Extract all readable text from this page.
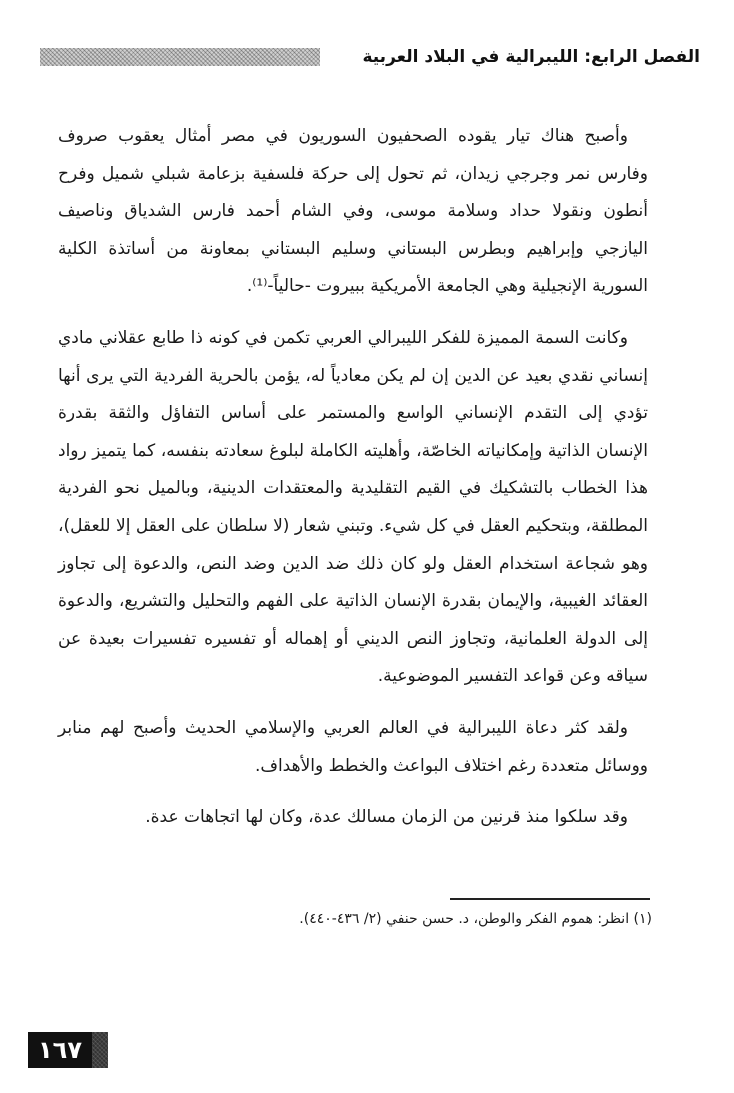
الفصل الرابع: الليبرالية في البلاد العربية

وأصبح هناك تيار يقوده الصحفيون السوريون في مصر أمثال يعقوب صروف وفارس نمر وجرجي زيدان، ثم تحول إلى حركة فلسفية بزعامة شبلي شميل وفرح أنطون ونقولا حداد وسلامة موسى، وفي الشام أحمد فارس الشدياق وناصيف اليازجي وإبراهيم وبطرس البستاني وسليم البستاني بمعاونة من أساتذة الكلية السورية الإنجيلية وهي الجامعة الأمريكية ببيروت -حالياً-⁽¹⁾.

وكانت السمة المميزة للفكر الليبرالي العربي تكمن في كونه ذا طابع عقلاني مادي إنساني نقدي بعيد عن الدين إن لم يكن معادياً له، يؤمن بالحرية الفردية التي يرى أنها تؤدي إلى التقدم الإنساني الواسع والمستمر على أساس التفاؤل والثقة بقدرة الإنسان الذاتية وإمكانياته الخاصّة، وأهليته الكاملة لبلوغ سعادته بنفسه، كما يتميز رواد هذا الخطاب بالتشكيك في القيم التقليدية والمعتقدات الدينية، وبالميل نحو الفردية المطلقة، وبتحكيم العقل في كل شيء. وتبني شعار (لا سلطان على العقل إلا للعقل)، وهو شجاعة استخدام العقل ولو كان ذلك ضد الدين وضد النص، والدعوة إلى تجاوز العقائد الغيبية، والإيمان بقدرة الإنسان الذاتية على الفهم والتحليل والتشريع، والدعوة إلى الدولة العلمانية، وتجاوز النص الديني أو إهماله أو تفسيره تفسيرات بعيدة عن سياقه وعن قواعد التفسير الموضوعية.

ولقد كثر دعاة الليبرالية في العالم العربي والإسلامي الحديث وأصبح لهم منابر ووسائل متعددة رغم اختلاف البواعث والخطط والأهداف.

وقد سلكوا منذ قرنين من الزمان مسالك عدة، وكان لها اتجاهات عدة.

(١) انظر: هموم الفكر والوطن، د. حسن حنفي (٢/ ٤٣٦-٤٤٠).
١٦٧
